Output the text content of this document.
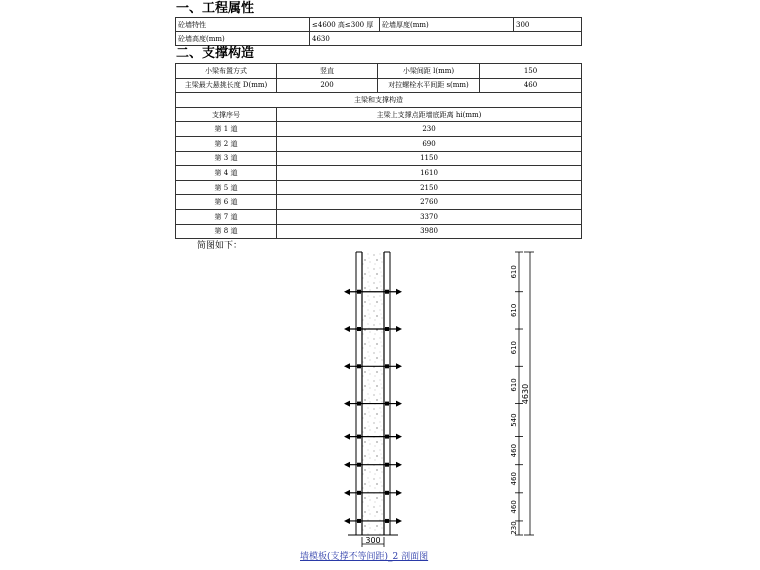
一、工程属性
砼墙特性	≤4600 高≤300 厚	砼墙厚度(mm)	300
砼墙高度(mm)	4630		
二、支撑构造
小梁布置方式	竖直	小梁间距 l(mm)	150
主梁最大悬挑长度 D(mm)	200	对拉螺栓水平间距 s(mm)	460
主梁和支撑构造			
支撑序号	主梁上支撑点距墙底距离 hi(mm)		
第 1 道	230		
第 2 道	690		
第 3 道	1150		
第 4 道	1610		
第 5 道	2150		
第 6 道	2760		
第 7 道	3370		
第 8 道	3980		
简图如下：
300
4630
610
610
610
610
540
460
460
460
230
墙模板(支撑不等间距)_2 剖面图
